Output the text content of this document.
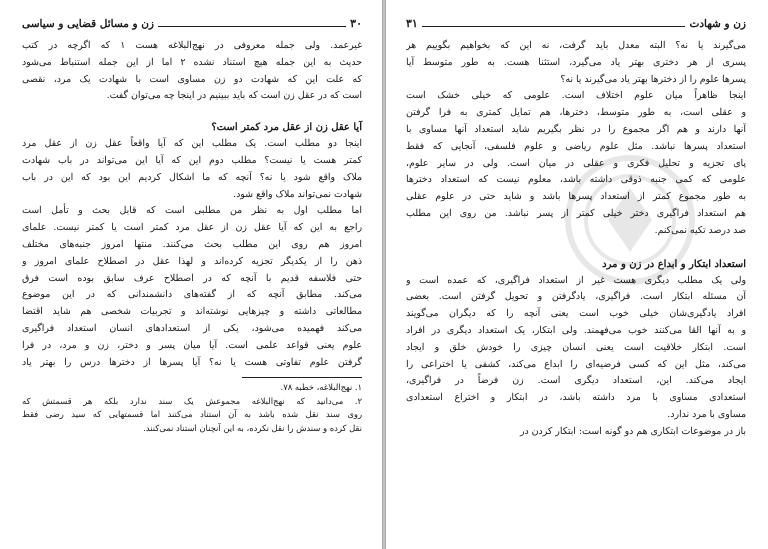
۳۰
زن و مسائل قضایی و سیاسی
غیرعمد. ولی جمله معروفی در نهج‌البلاغه هست ۱ که اگرچه در کتب
حدیث به این جمله هیچ استناد نشده ۲ اما از این جمله استنباط می‌شود
که علت این که شهادت دو زن مساوی است با شهادت یک مرد، نقصی
است که در عقل زن است که باید ببینیم در اینجا چه می‌توان گفت.
آیا عقل زن از عقل مرد کمتر است؟
اینجا دو مطلب است. یک مطلب این که آیا واقعاً عقل زن از عقل مرد
کمتر هست یا نیست؟ مطلب دوم این که آیا این می‌تواند در باب شهادت
ملاک واقع شود یا نه؟ آنچه که ما اشکال کردیم این بود که این در باب
شهادت نمی‌تواند ملاک واقع شود.
اما مطلب اول به نظر من مطلبی است که قابل بحث و تأمل است
راجع به این که آیا عقل زن از عقل مرد کمتر است یا کمتر نیست. علمای
امروز هم روی این مطلب بحث می‌کنند. منتها امروز جنبه‌های مختلف
ذهن را از یکدیگر تجزیه کرده‌اند و لهذا عقل در اصطلاح علمای امروز و
حتی فلاسفه قدیم با آنچه که در اصطلاح عرف سابق بوده است فرق
می‌کند. مطابق آنچه که از گفته‌های دانشمندانی که در این موضوع
مطالعاتی داشته و چیزهایی نوشته‌اند و تجربیات شخصی هم شاید اقتضا
می‌کند فهمیده می‌شود، یکی از استعدادهای انسان استعداد فراگیری
علوم یعنی قواعد علمی است. آیا میان پسر و دختر، زن و مرد، در فرا
گرفتن علوم تفاوتی هست یا نه؟ آیا پسرها از دخترها درس را بهتر یاد
۱. نهج‌البلاغه، خطبه ۷۸.
۲. می‌دانید که نهج‌البلاغه مجموعش یک سند ندارد بلکه هر قسمتش که
روی سند نقل شده باشد به آن استناد می‌کنند اما قسمتهایی که سید رضی فقط
نقل کرده و سندش را نقل نکرده، به این آنچنان استناد نمی‌کنند.
زن و شهادت
۳۱
می‌گیرند یا نه؟ البته معدل باید گرفت، نه این که بخواهیم بگوییم هر
پسری از هر دختری بهتر یاد می‌گیرد، استثنا هست. به طور متوسط آیا
پسرها علوم را از دخترها بهتر یاد می‌گیرند یا نه؟
اینجا ظاهراً میان علوم اختلاف است. علومی که خیلی خشک است
و عقلی است، به طور متوسط، دخترها، هم تمایل کمتری به فرا گرفتن
آنها دارند و هم اگر مجموع را در نظر بگیریم شاید استعداد آنها مساوی با
استعداد پسرها نباشد. مثل علوم ریاضی و علوم فلسفی، آنجایی که فقط
پای تجزیه و تحلیل فکری و عقلی در میان است. ولی در سایر علوم،
علومی که کمی جنبه ذوقی داشته باشد، معلوم نیست که استعداد دخترها
به طور مجموع کمتر از استعداد پسرها باشد و شاید حتی در علوم عقلی
هم استعداد فراگیری دختر خیلی کمتر از پسر نباشد. من روی این مطلب
صد درصد تکیه نمی‌کنم.
استعداد ابتکار و ابداع در زن و مرد
ولی یک مطلب دیگری هست غیر از استعداد فراگیری، که عمده است و
آن مسئله ابتکار است. فراگیری، یادگرفتن و تحویل گرفتن است. بعضی
افراد یادگیری‌شان خیلی خوب است یعنی آنچه را که دیگران می‌گویند
و به آنها القا می‌کنند خوب می‌فهمند. ولی ابتکار، یک استعداد دیگری در افراد
است. ابتکار خلاقیت است یعنی انسان چیزی را خودش خلق و ایجاد
می‌کند، مثل این که کسی فرضیه‌ای را ابداع می‌کند، کشفی یا اختراعی را
ایجاد می‌کند. این، استعداد دیگری است. زن فرضاً در فراگیری،
استعدادی مساوی با مرد داشته باشد، در ابتکار و اختراع استعدادی
مساوی با مرد ندارد.
باز در موضوعات ابتکاری هم دو گونه است: ابتکار کردن در
